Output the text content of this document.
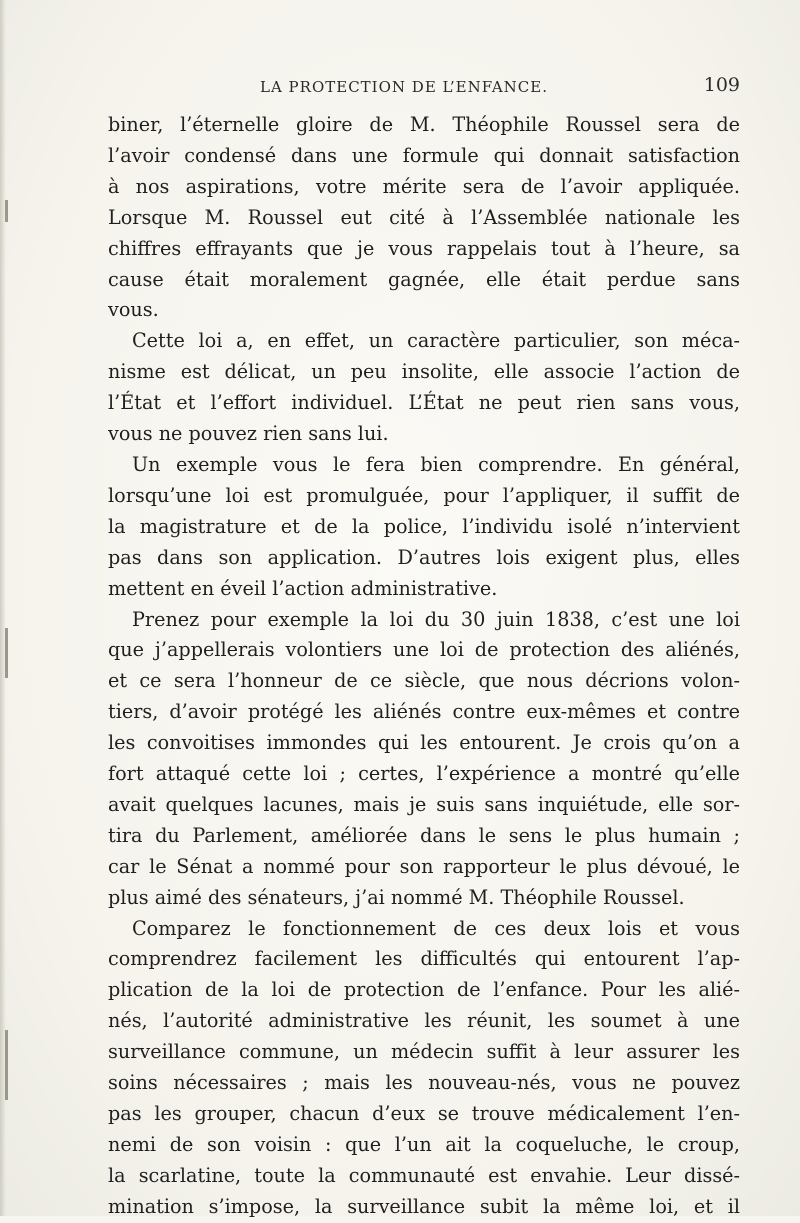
LA PROTECTION DE L’ENFANCE.	109

biner, l’éternelle gloire de M. Théophile Roussel sera de
l’avoir condensé dans une formule qui donnait satisfaction
à nos aspirations, votre mérite sera de l’avoir appliquée.
Lorsque M. Roussel eut cité à l’Assemblée nationale les
chiffres effrayants que je vous rappelais tout à l’heure, sa
cause était moralement gagnée, elle était perdue sans
vous.

Cette loi a, en effet, un caractère particulier, son méca-
nisme est délicat, un peu insolite, elle associe l’action de
l’État et l’effort individuel. L’État ne peut rien sans vous,
vous ne pouvez rien sans lui.

Un exemple vous le fera bien comprendre. En général,
lorsqu’une loi est promulguée, pour l’appliquer, il suffit de
la magistrature et de la police, l’individu isolé n’intervient
pas dans son application. D’autres lois exigent plus, elles
mettent en éveil l’action administrative.

Prenez pour exemple la loi du 30 juin 1838, c’est une loi
que j’appellerais volontiers une loi de protection des aliénés,
et ce sera l’honneur de ce siècle, que nous décrions volon-
tiers, d’avoir protégé les aliénés contre eux-mêmes et contre
les convoitises immondes qui les entourent. Je crois qu’on a
fort attaqué cette loi ; certes, l’expérience a montré qu’elle
avait quelques lacunes, mais je suis sans inquiétude, elle sor-
tira du Parlement, améliorée dans le sens le plus humain ;
car le Sénat a nommé pour son rapporteur le plus dévoué, le
plus aimé des sénateurs, j’ai nommé M. Théophile Roussel.

Comparez le fonctionnement de ces deux lois et vous
comprendrez facilement les difficultés qui entourent l’ap-
plication de la loi de protection de l’enfance. Pour les alié-
nés, l’autorité administrative les réunit, les soumet à une
surveillance commune, un médecin suffit à leur assurer les
soins nécessaires ; mais les nouveau-nés, vous ne pouvez
pas les grouper, chacun d’eux se trouve médicalement l’en-
nemi de son voisin : que l’un ait la coqueluche, le croup,
la scarlatine, toute la communauté est envahie. Leur dissé-
mination s’impose, la surveillance subit la même loi, et il
